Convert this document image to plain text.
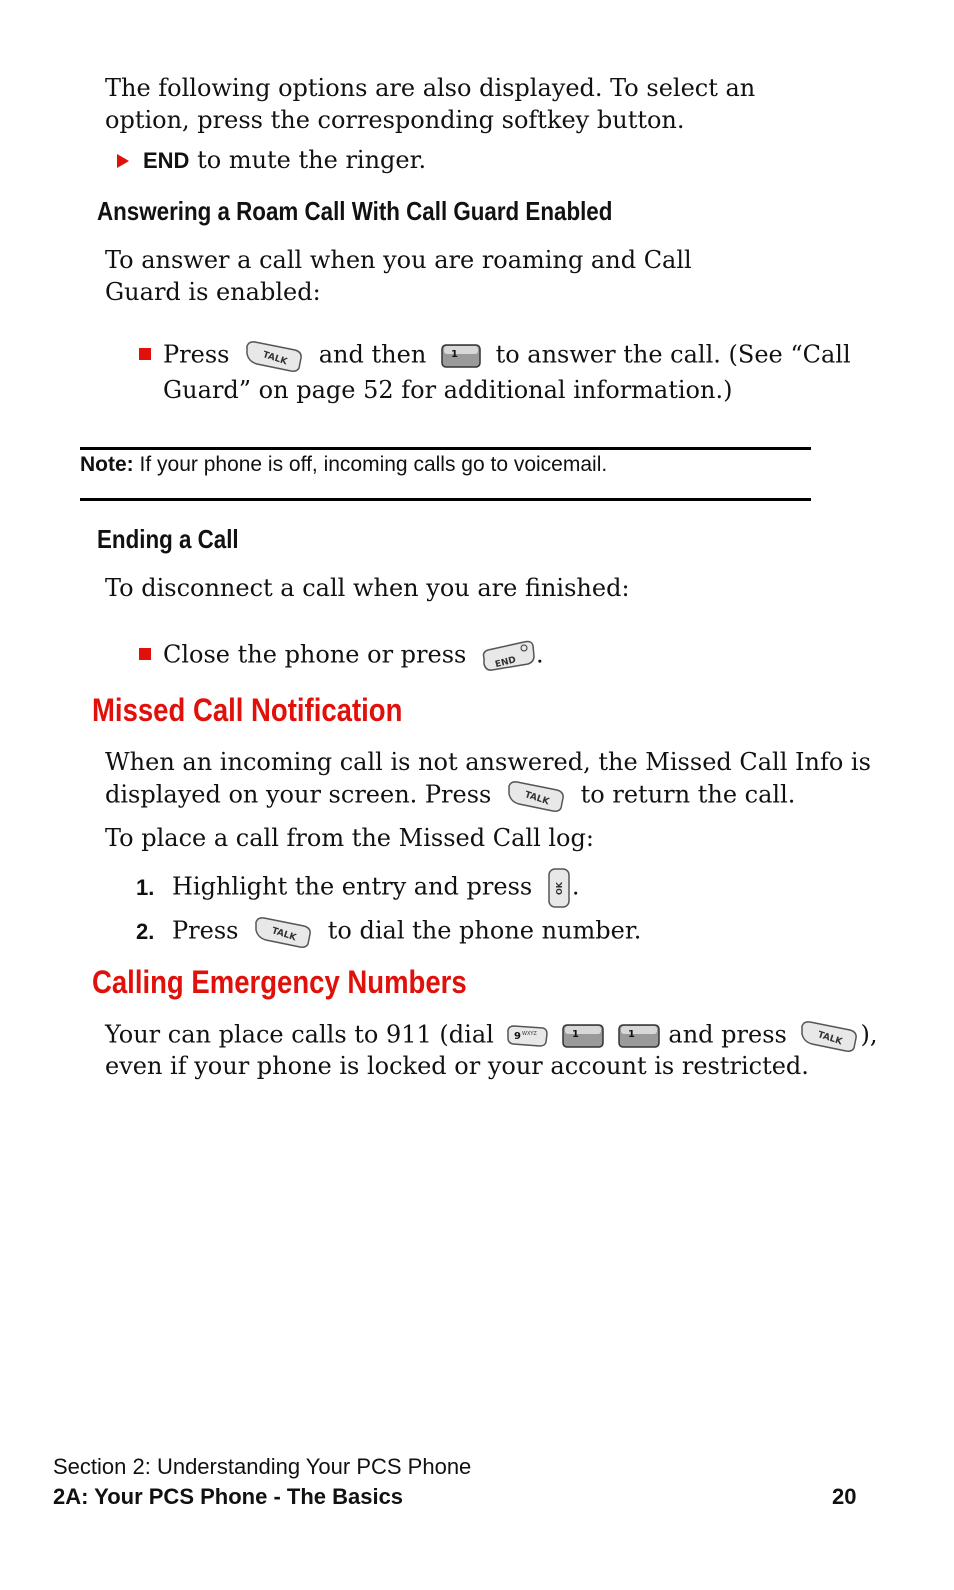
The following options are also displayed. To select an option, press the corresponding softkey button.
END to mute the ringer.
Answering a Roam Call With Call Guard Enabled
To answer a call when you are roaming and Call Guard is enabled:
Press	TALK and then 1 to answer the call. (See “Call
Guard” on page 52 for additional information.)
Note: If your phone is off, incoming calls go to voicemail.
Ending a Call
To disconnect a call when you are finished:
Close the phone or press	END .
Missed Call Notification
When an incoming call is not answered, the Missed Call Info is
displayed on your screen. Press	TALK to return the call.
To place a call from the Missed Call log:
1. Highlight the entry and press	OK .
2. Press	TALK to dial the phone number.
Calling Emergency Numbers
Your can place calls to 911 (dial 9 WXYZ
	1
	1 and press	TALK ),
even if your phone is locked or your account is restricted.
Section 2: Understanding Your PCS Phone
2A: Your PCS Phone - The Basics	20
